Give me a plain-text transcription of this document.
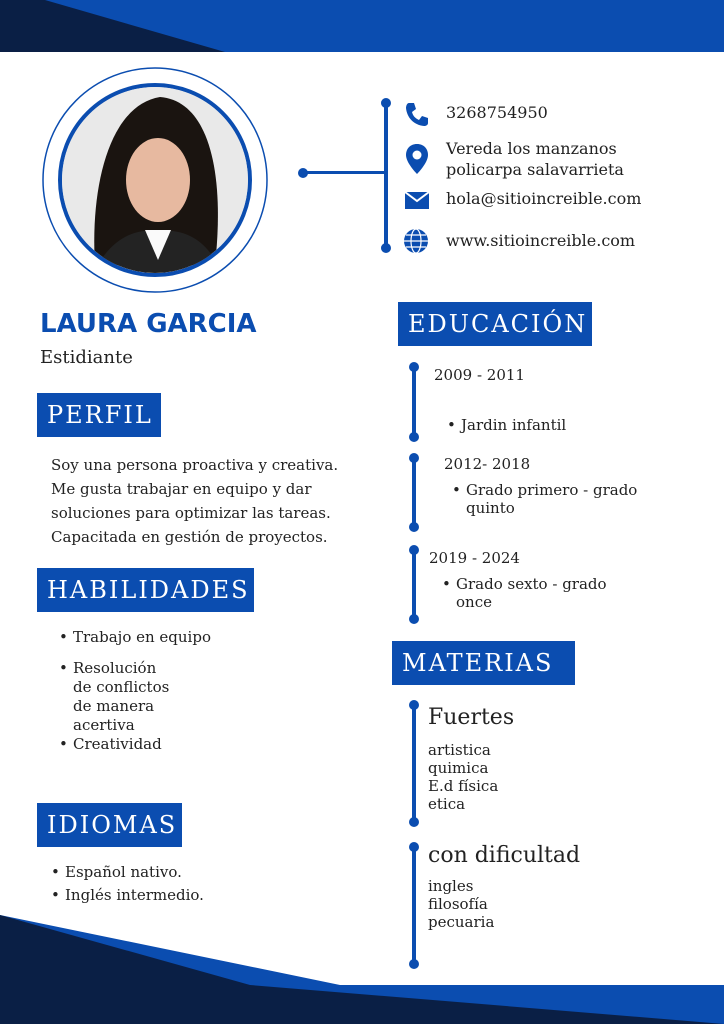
3268754950
Vereda los manzanos
policarpa salavarrieta
hola@sitioincreible.com
www.sitioincreible.com
LAURA GARCIA
Estidiante
PERFIL
Soy una persona proactiva y creativa.
Me gusta trabajar en equipo y dar
soluciones para optimizar las tareas.
Capacitada en gestión de proyectos.
HABILIDADES
• Trabajo en equipo
• Resolución
de conflictos
de manera
acertiva
• Creatividad
IDIOMAS
• Español nativo.
• Inglés intermedio.
EDUCACIÓN
2009 - 2011
• Jardin infantil
2012- 2018
• Grado primero - grado
quinto
2019 - 2024
• Grado sexto - grado
once
MATERIAS
Fuertes
artistica
quimica
E.d física
etica
con dificultad
ingles
filosofía
pecuaria
